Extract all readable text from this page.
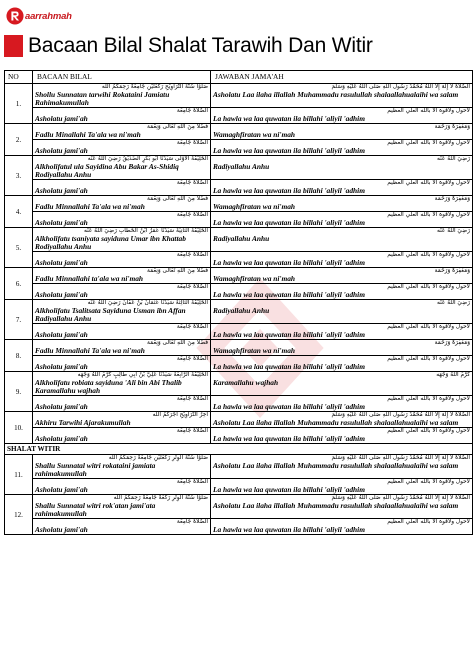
aarrahmah
Bacaan Bilal Shalat Tarawih Dan Witir
NO	BACAAN BILAL	JAWABAN JAMA'AH
1.	صَلُّوْا سُنَّةَ التَّرَاوِيْحِ رَكْعَتَيْنِ جَامِعَةً رَحِمَكُمُ الله
Shollu Sunnatan tarwihi Rokataini Jamiatu Rahimakumullah	الصَّلاَةُ لاَ إِلَهَ إِلاَّ اللهُ مُحَمَّدٌ رَسُولُ اللهِ صَلَّى اللهُ عَلَيْهِ وَسَلَّمَ
Asholatu Laa ilaha illallah Muhammadu rasulullah shalaallahualaihi wa salam

	الصَّلاةُ جَامِعَة
Asholatu jami'ah	لاحول ولاقوة الا بالله العلي العظيم
La hawla wa laa quwatan ila billahi 'aliyil 'adhim

2.	فَضْلاً مِنَ اللهِ تَعَالَى وَنِعْمَة
Fadlu Minallahi Ta'ala wa ni'mah	وَمَغْفِرَةً وَرَحْمَة
Wamaghfiratan wa ni'mah

	الصَّلاةُ جَامِعَة
Asholatu jami'ah	لاحول ولاقوة الا بالله العلي العظيم
La hawla wa laa quwatan ila billahi 'aliyil 'adhim

3.	الخَلِيْفَةُ الأُوْلَى سَيِّدُنَا أَبُو بَكْرٍ الصِّدِّيْقُ رَضِيَ اللهُ عَنْه
Alkholifatul ula Sayidina Abu Bakar As-Shidiq Rodiyallahu Anhu	رَضِيَ اللهُ عَنْه
Radiyallahu Anhu

	الصَّلاةُ جَامِعَة
Asholatu jami'ah	لاحول ولاقوة الا بالله العلي العظيم
La hawla wa laa quwatan ila billahi 'aliyil 'adhim

4.	فَضْلاً مِنَ اللهِ تَعَالَى وَنِعْمَة
Fadlu Minnallahi Ta'ala wa ni'mah	وَمَغْفِرَةً وَرَحْمَة
Wamaghfiratan wa ni'mah

	الصَّلاةُ جَامِعَة
Asholatu jami'ah	لاحول ولاقوة الا بالله العلي العظيم
La hawla wa laa quwatan ila billahi 'aliyil 'adhim

5.	الخَلِيْفَةُ الثَّانِيَةُ سَيِّدُنَا عُمَرُ ابْنُ الخَطَّابِ رَضِيَ اللهُ عَنْه
Alkholifatu tsaniyata sayiduna Umar ibn Khattab Rodiyallahu Anhu	رَضِيَ اللهُ عَنْه
Radiyallahu Anhu

	الصَّلاةُ جَامِعَة
Asholatu jami'ah	لاحول ولاقوة الا بالله العلي العظيم
La hawla wa laa quwatan ila billahi 'aliyil 'adhim

6.	فَضْلاً مِنَ اللهِ تَعَالَى وَنِعْمَة
Fadlu Minnallahi ta'ala wa ni'mah	وَمَغْفِرَةً وَرَحْمَة
Wamaghfiratan wa ni'mah

	الصَّلاةُ جَامِعَة
Asholatu jami'ah	لاحول ولاقوة الا بالله العلي العظيم
La hawla wa laa quwatan ila billahi 'aliyil 'adhim

7.	الخَلِيْفَةُ الثَّالِثَةُ سَيِّدُنَا عُثْمَانُ بْنُ عَفَّانَ رَضِيَ اللهُ عَنْه
Alkholifatu Tsalitsata Sayiduna Usman ibn Affan Radiyallahu Anhu	رَضِيَ اللهُ عَنْه
Radiyallahu Anhu

	الصَّلاةُ جَامِعَة
Asholatu jami'ah	لاحول ولاقوة الا بالله العلي العظيم
La hawla wa laa quwatan ila billahi 'aliyil 'adhim

8.	فَضْلاً مِنَ اللهِ تَعَالَى وَنِعْمَة
Fadlu Minnallahi Ta'ala wa ni'mah	وَمَغْفِرَةً وَرَحْمَة
Wamaghfiratan wa ni'mah

	الصَّلاةُ جَامِعَة
Asholatu jami'ah	لاحول ولاقوة الا بالله العلي العظيم
La hawla wa laa quwatan ila billahi 'aliyil 'adhim

9.	الخَلِيْفَةُ الرَّابِعَةُ سَيِّدُنَا عَلِيُّ بْنُ أَبِي طَالِبٍ كَرَّمَ اللهُ وَجْهَه
Alkholifatu robiata sayiduna 'Ali bin Abi Thalib Karamallahu wajhah	كَرَّمَ اللهُ وَجْهَه
Karamallahu wajhah

	الصَّلاةُ جَامِعَة
Asholatu jami'ah	لاحول ولاقوة الا بالله العلي العظيم
La hawla wa laa quwatan ila billahi 'aliyil 'adhim

10.	آخِرُ التَّرَاوِيْحِ أَجْرَكُمُ الله
Akhiru Tarwihi Ajarakumullah	الصَّلاَةُ لاَ إِلَهَ إِلاَّ اللهُ مُحَمَّدٌ رَسُولُ اللهِ صَلَّى اللهُ عَلَيْهِ وَسَلَّمَ
Asholatu Laa ilaha illallah Muhammadu rasulullah shalaallahualaihi wa salam

	الصَّلاةُ جَامِعَة
Asholatu jami'ah	لاحول ولاقوة الا بالله العلي العظيم
La hawla wa laa quwatan ila billahi 'aliyil 'adhim

SHALAT WITIR		
11.	صَلُّوْا سُنَّةَ الوِتْرِ رَكْعَتَيْنِ جَامِعَةً رَحِمَكُمُ الله
Shallu Sunnatal witri rokataini jamiata rahimakumullah	الصَّلاَةُ لاَ إِلَهَ إِلاَّ اللهُ مُحَمَّدٌ رَسُولُ اللهِ صَلَّى اللهُ عَلَيْهِ وَسَلَّمَ
Asholatu Laa ilaha illallah Muhammadu rasulullah shalaallahualaihi wa salam

	الصَّلاةُ جَامِعَة
Asholatu jami'ah	لاحول ولاقوة الا بالله العلي العظيم
La hawla wa laa quwatan ila billahi 'aliyil 'adhim

12.	صَلُّوْا سُنَّةَ الوِتْرِ رَكْعَةً جَامِعَةً رَحِمَكُمُ الله
Shallu Sunnatal witri rok'atan jami'ata rahimakumullah	الصَّلاَةُ لاَ إِلَهَ إِلاَّ اللهُ مُحَمَّدٌ رَسُولُ اللهِ صَلَّى اللهُ عَلَيْهِ وَسَلَّمَ
Asholatu Laa ilaha illallah Muhammadu rasulullah shalaallahualaihi wa salam

	الصَّلاةُ جَامِعَة
Asholatu jami'ah	لاحول ولاقوة الا بالله العلي العظيم
La hawla wa laa quwatan ila billahi 'aliyil 'adhim
